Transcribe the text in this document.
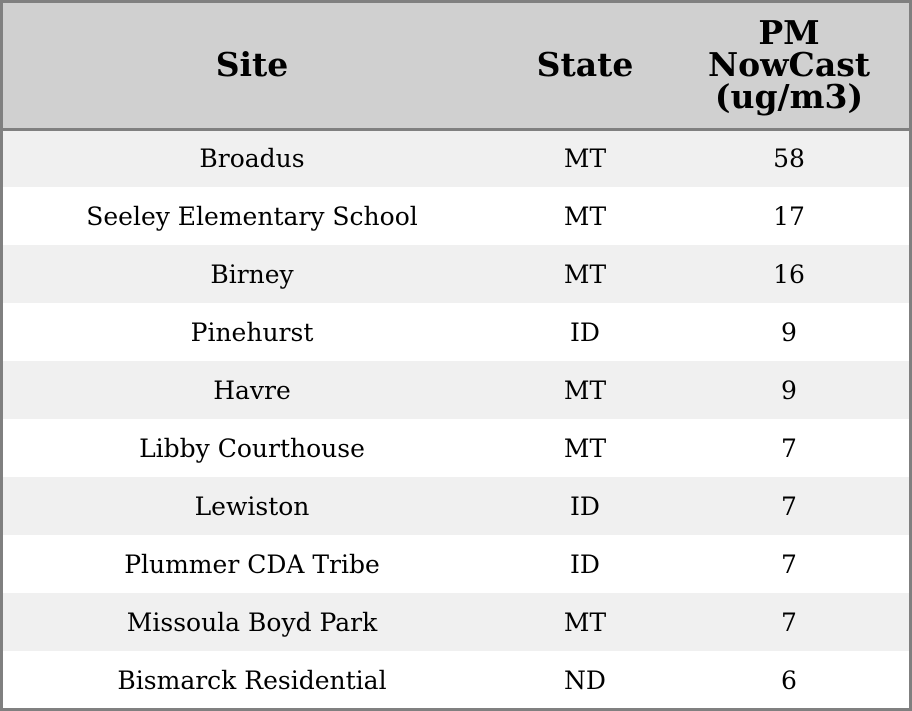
Site	State	PM
NowCast
(ug/m3)

Broadus	MT	58
Seeley Elementary School	MT	17
Birney	MT	16
Pinehurst	ID	9
Havre	MT	9
Libby Courthouse	MT	7
Lewiston	ID	7
Plummer CDA Tribe	ID	7
Missoula Boyd Park	MT	7
Bismarck Residential	ND	6
